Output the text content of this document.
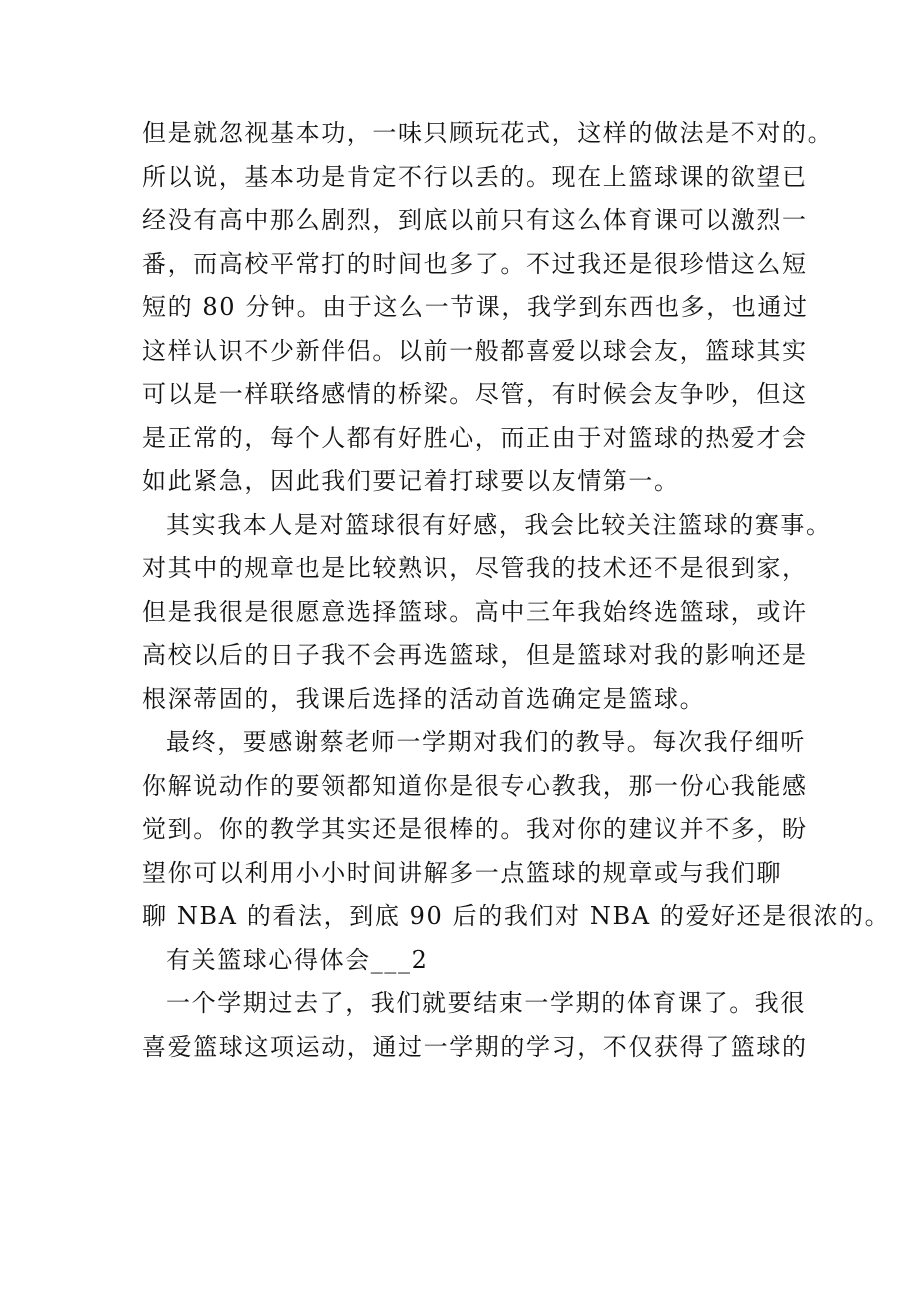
但是就忽视基本功，一味只顾玩花式，这样的做法是不对的。
所以说，基本功是肯定不行以丢的。现在上篮球课的欲望已
经没有高中那么剧烈，到底以前只有这么体育课可以激烈一
番，而高校平常打的时间也多了。不过我还是很珍惜这么短
短的 80 分钟。由于这么一节课，我学到东西也多，也通过
这样认识不少新伴侣。以前一般都喜爱以球会友，篮球其实
可以是一样联络感情的桥梁。尽管，有时候会友争吵，但这
是正常的，每个人都有好胜心，而正由于对篮球的热爱才会
如此紧急，因此我们要记着打球要以友情第一。
其实我本人是对篮球很有好感，我会比较关注篮球的赛事。
对其中的规章也是比较熟识，尽管我的技术还不是很到家，
但是我很是很愿意选择篮球。高中三年我始终选篮球，或许
高校以后的日子我不会再选篮球，但是篮球对我的影响还是
根深蒂固的，我课后选择的活动首选确定是篮球。
最终，要感谢蔡老师一学期对我们的教导。每次我仔细听
你解说动作的要领都知道你是很专心教我，那一份心我能感
觉到。你的教学其实还是很棒的。我对你的建议并不多，盼
望你可以利用小小时间讲解多一点篮球的规章或与我们聊
聊 NBA 的看法，到底 90 后的我们对 NBA 的爱好还是很浓的。
有关篮球心得体会___2
一个学期过去了，我们就要结束一学期的体育课了。我很
喜爱篮球这项运动，通过一学期的学习，不仅获得了篮球的
